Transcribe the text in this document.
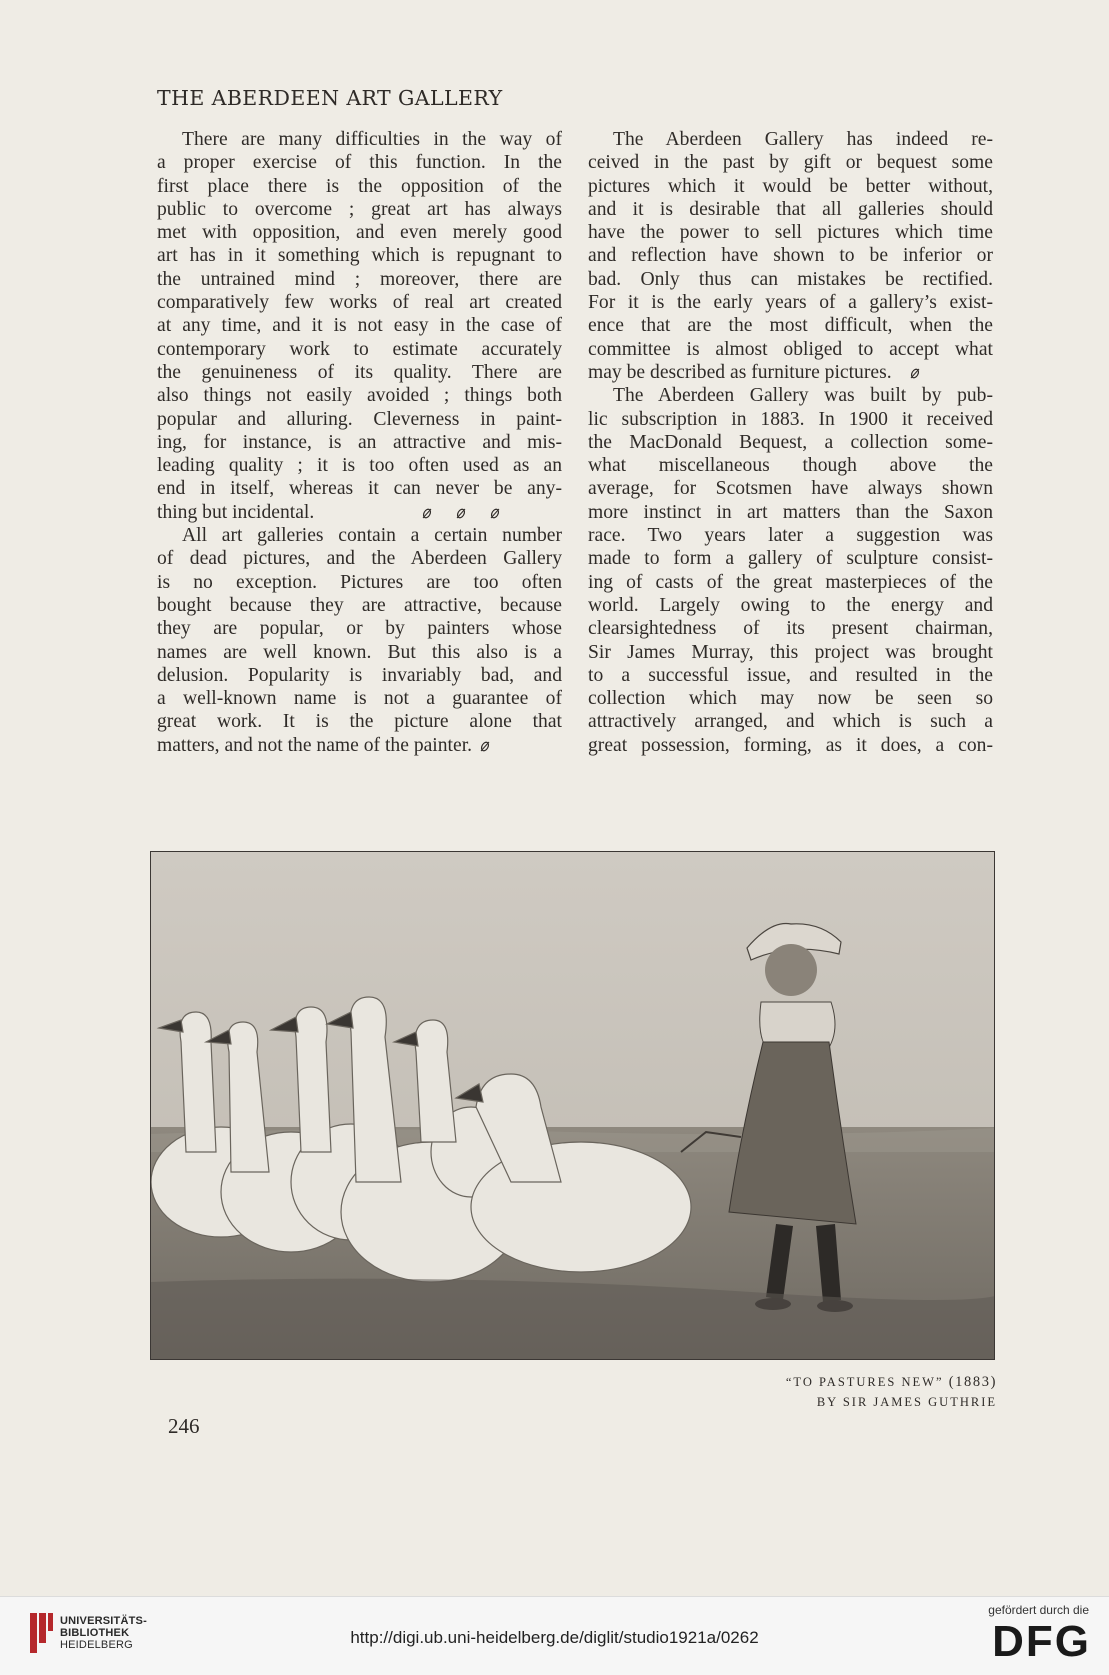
THE ABERDEEN ART GALLERY
There are many difficulties in the way of
a proper exercise of this function. In the
first place there is the opposition of the
public to overcome ; great art has always
met with opposition, and even merely good
art has in it something which is repugnant to
the untrained mind ; moreover, there are
comparatively few works of real art created
at any time, and it is not easy in the case of
contemporary work to estimate accurately
the genuineness of its quality. There are
also things not easily avoided ; things both
popular and alluring. Cleverness in paint-
ing, for instance, is an attractive and mis-
leading quality ; it is too often used as an
end in itself, whereas it can never be any-
thing but incidental.
All art galleries contain a certain number
of dead pictures, and the Aberdeen Gallery
is no exception. Pictures are too often
bought because they are attractive, because
they are popular, or by painters whose
names are well known. But this also is a
delusion. Popularity is invariably bad, and
a well-known name is not a guarantee of
great work. It is the picture alone that
matters, and not the name of the painter.
The Aberdeen Gallery has indeed re-
ceived in the past by gift or bequest some
pictures which it would be better without,
and it is desirable that all galleries should
have the power to sell pictures which time
and reflection have shown to be inferior or
bad. Only thus can mistakes be rectified.
For it is the early years of a gallery’s exist-
ence that are the most difficult, when the
committee is almost obliged to accept what
may be described as furniture pictures.
The Aberdeen Gallery was built by pub-
lic subscription in 1883. In 1900 it received
the MacDonald Bequest, a collection some-
what miscellaneous though above the
average, for Scotsmen have always shown
more instinct in art matters than the Saxon
race. Two years later a suggestion was
made to form a gallery of sculpture consist-
ing of casts of the great masterpieces of the
world. Largely owing to the energy and
clearsightedness of its present chairman,
Sir James Murray, this project was brought
to a successful issue, and resulted in the
collection which may now be seen so
attractively arranged, and which is such a
great possession, forming, as it does, a con-
“TO PASTURES NEW” (1883)
BY SIR JAMES GUTHRIE
246
UNIVERSITÄTS-
BIBLIOTHEK
HEIDELBERG	http://digi.ub.uni-heidelberg.de/diglit/studio1921a/0262
gefördert durch die
DFG
